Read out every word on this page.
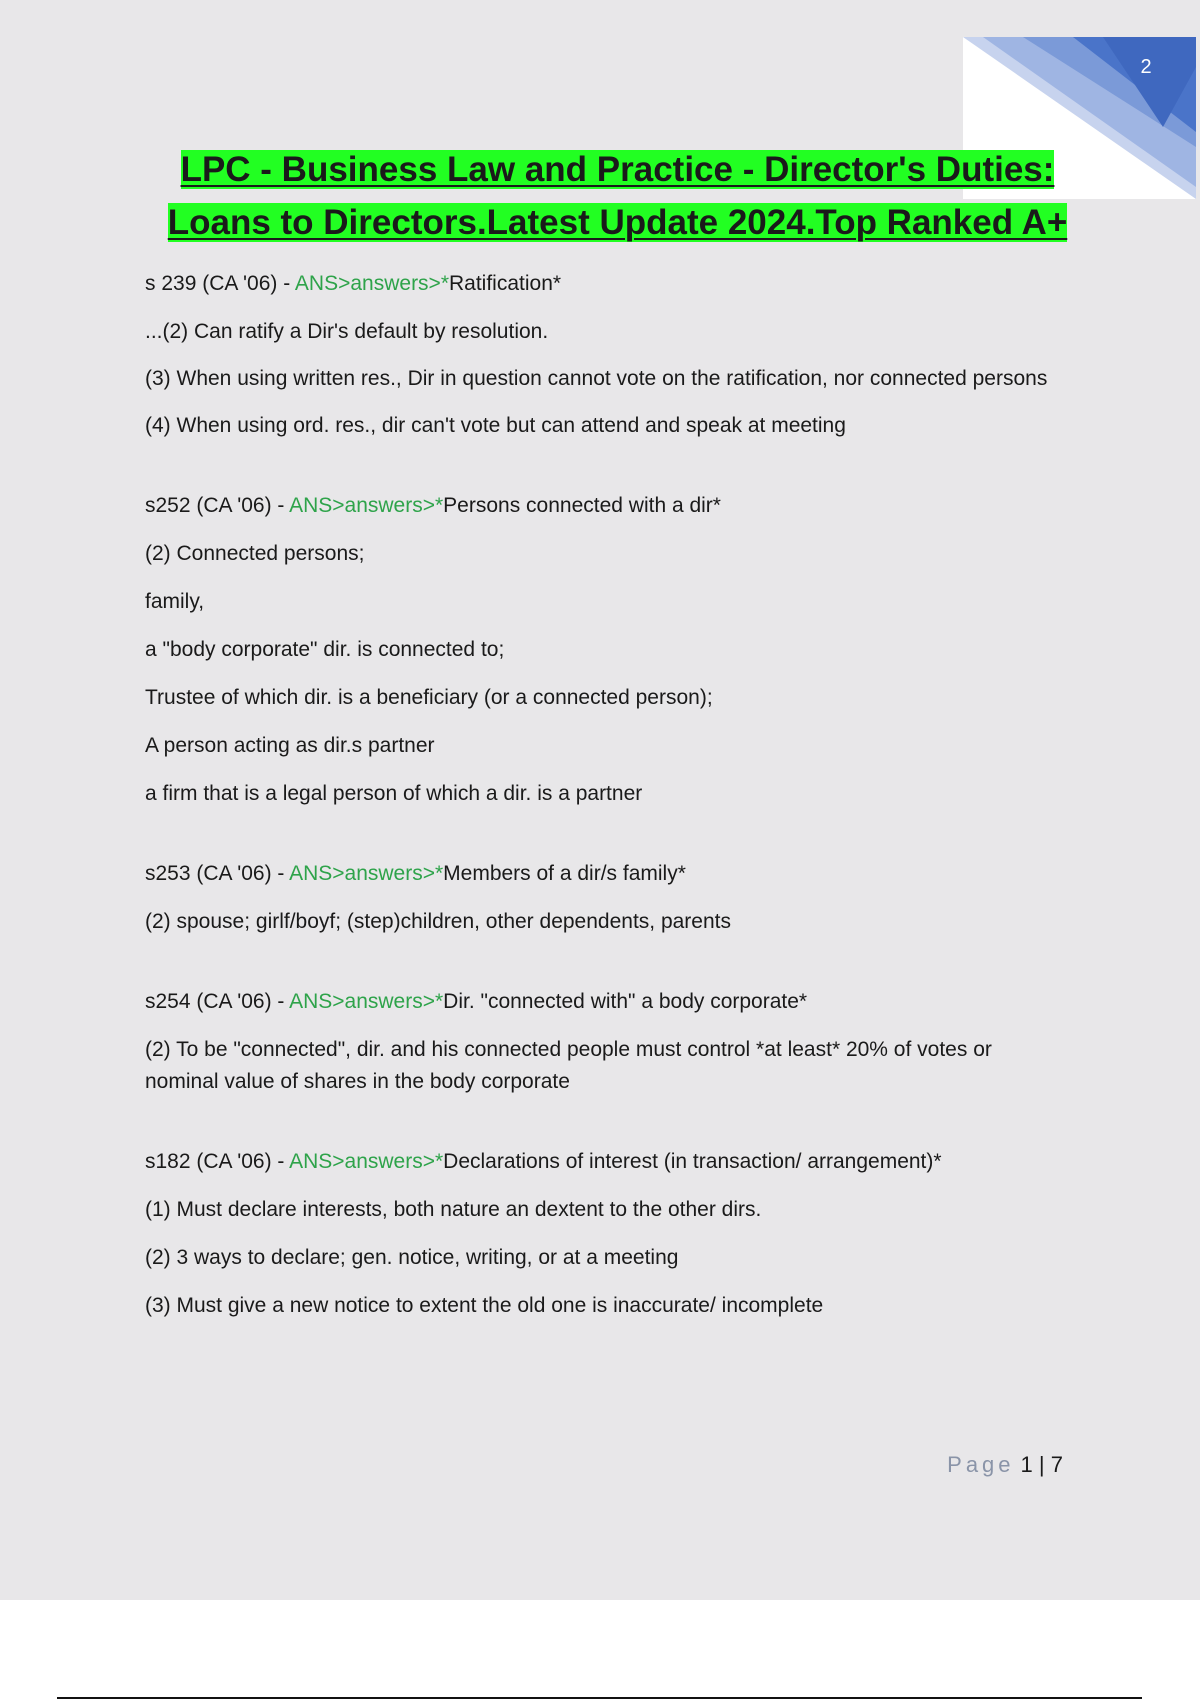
2
LPC - Business Law and Practice - Director's Duties:
Loans to Directors.Latest Update 2024.Top Ranked A+

s 239 (CA '06) - ANS>answers>*Ratification*

...(2) Can ratify a Dir's default by resolution.

(3) When using written res., Dir in question cannot vote on the ratification, nor connected persons

(4) When using ord. res., dir can't vote but can attend and speak at meeting

s252 (CA '06) - ANS>answers>*Persons connected with a dir*

(2) Connected persons;

family,

a "body corporate" dir. is connected to;

Trustee of which dir. is a beneficiary (or a connected person);

A person acting as dir.s partner

a firm that is a legal person of which a dir. is a partner

s253 (CA '06) - ANS>answers>*Members of a dir/s family*

(2) spouse; girlf/boyf; (step)children, other dependents, parents

s254 (CA '06) - ANS>answers>*Dir. "connected with" a body corporate*

(2) To be "connected", dir. and his connected people must control *at least* 20% of votes or nominal value of shares in the body corporate

s182 (CA '06) - ANS>answers>*Declarations of interest (in transaction/ arrangement)*

(1) Must declare interests, both nature an dextent to the other dirs.

(2) 3 ways to declare; gen. notice, writing, or at a meeting

(3) Must give a new notice to extent the old one is inaccurate/ incomplete

Page 1 | 7
